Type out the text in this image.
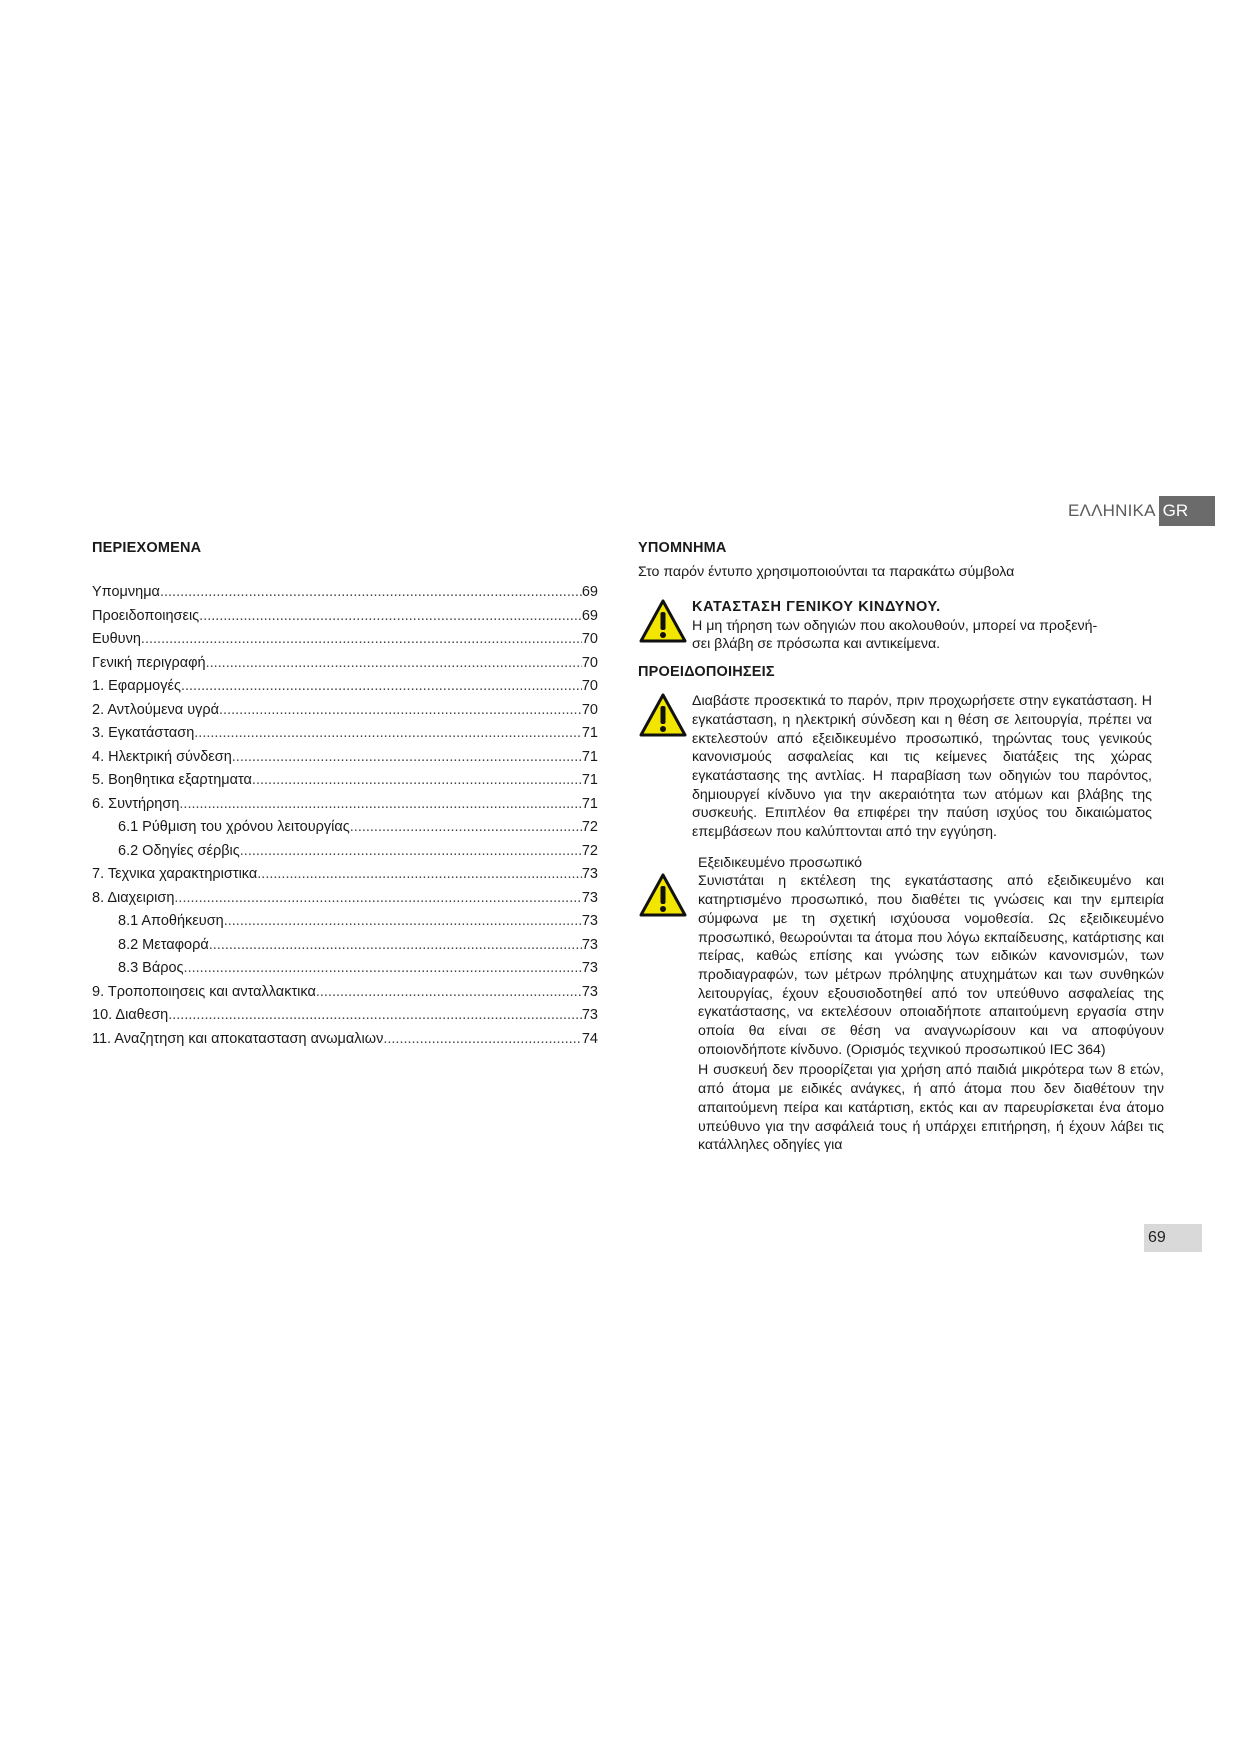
ΕΛΛΗΝΙΚΑ GR

ΠΕΡΙΕΧΟΜΕΝΑ

Υπομνημα .....	69
Προειδοποιησεις .....	69
Ευθυνη .....	70
Γενική περιγραφή .....	70
1. Εφαρμογές .....	70
2. Αντλούμενα υγρά .....	70
3. Εγκατάσταση .....	71
4. Ηλεκτρική σύνδεση .....	71
5. Βοηθητικα εξαρτηματα .....	71
6. Συντήρηση .....	71
6.1 Ρύθμιση του χρόνου λειτουργίας .....	72
6.2 Οδηγίες σέρβις .....	72
7. Τεχνικα χαρακτηριστικα .....	73
8. Διαχειριση .....	73
8.1 Αποθήκευση .....	73
8.2 Μεταφορά .....	73
8.3 Βάρος .....	73
9. Τροποποιησεις και ανταλλακτικα .....	73
10. Διαθεση .....	73
11. Αναζητηση και αποκατασταση ανωμαλιων .....	74

ΥΠΟΜΝΗΜΑ

Στο παρόν έντυπο χρησιμοποιούνται τα παρακάτω σύμβολα

ΚΑΤΑΣΤΑΣΗ ΓΕΝΙΚΟΥ ΚΙΝΔΥΝΟΥ.
Η μη τήρηση των οδηγιών που ακολουθούν, μπορεί να προξενή-
σει βλάβη σε πρόσωπα και αντικείμενα.

ΠΡΟΕΙΔΟΠΟΙΗΣΕΙΣ

Διαβάστε προσεκτικά το παρόν, πριν προχωρήσετε στην εγκατάσταση. Η εγκατάσταση, η ηλεκτρική σύνδεση και η θέση σε λειτουργία, πρέπει να εκτελεστούν από εξειδικευμένο προσωπικό, τηρώντας τους γενικούς κανονισμούς ασφαλείας και τις κείμενες διατάξεις της χώρας εγκατάστασης της αντλίας. Η παραβίαση των οδηγιών του παρόντος, δημιουργεί κίνδυνο για την ακεραιότητα των ατόμων και βλάβης της συσκευής. Επιπλέον θα επιφέρει την παύση ισχύος του δικαιώματος επεμβάσεων που καλύπτονται από την εγγύηση.
Εξειδικευμένο προσωπικό
Συνιστάται η εκτέλεση της εγκατάστασης από εξειδικευμένο και κατηρτισμένο προσωπικό, που διαθέτει τις γνώσεις και την εμπειρία σύμφωνα με τη σχετική ισχύουσα νομοθεσία. Ως εξειδικευμένο προσωπικό, θεωρούνται τα άτομα που λόγω εκπαίδευσης, κατάρτισης και πείρας, καθώς επίσης και γνώσης των ειδικών κανονισμών, των προδιαγραφών, των μέτρων πρόληψης ατυχημάτων και των συνθηκών λειτουργίας, έχουν εξουσιοδοτηθεί από τον υπεύθυνο ασφαλείας της εγκατάστασης, να εκτελέσουν οποιαδήποτε απαιτούμενη εργασία στην οποία θα είναι σε θέση να αναγνωρίσουν και να αποφύγουν οποιονδήποτε κίνδυνο. (Ορισμός τεχνικού προσωπικού IEC 364)
Η συσκευή δεν προορίζεται για χρήση από παιδιά μικρότερα των 8 ετών, από άτομα με ειδικές ανάγκες, ή από άτομα που δεν διαθέτουν την απαιτούμενη πείρα και κατάρτιση, εκτός και αν παρευρίσκεται ένα άτομο υπεύθυνο για την ασφάλειά τους ή υπάρχει επιτήρηση, ή έχουν λάβει τις κατάλληλες οδηγίες για
69
